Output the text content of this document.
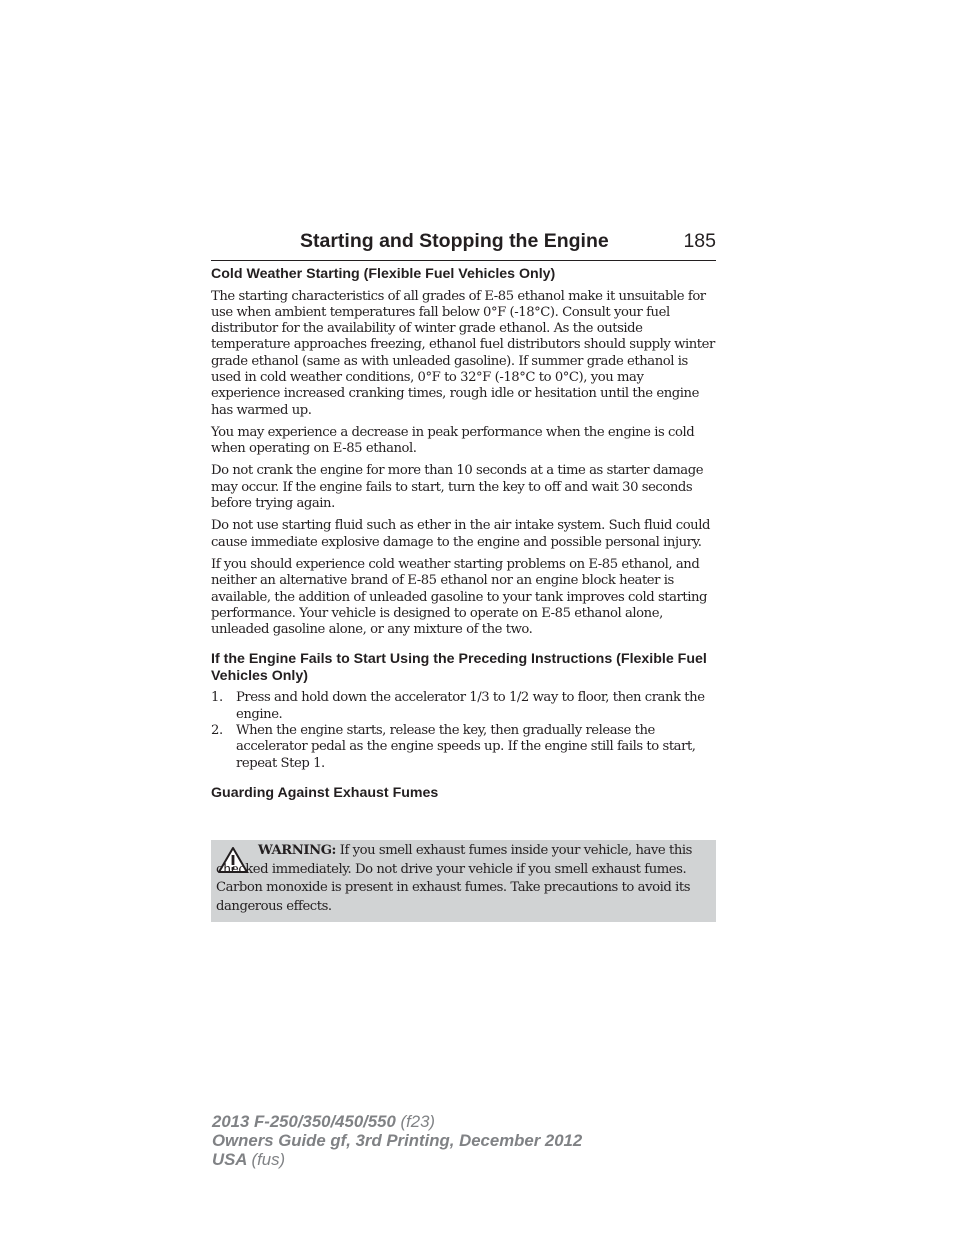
Starting and Stopping the Engine	185
Cold Weather Starting (Flexible Fuel Vehicles Only)

The starting characteristics of all grades of E-85 ethanol make it unsuitable for use when ambient temperatures fall below 0°F (-18°C). Consult your fuel distributor for the availability of winter grade ethanol. As the outside temperature approaches freezing, ethanol fuel distributors should supply winter grade ethanol (same as with unleaded gasoline). If summer grade ethanol is used in cold weather conditions, 0°F to 32°F (-18°C to 0°C), you may experience increased cranking times, rough idle or hesitation until the engine has warmed up.

You may experience a decrease in peak performance when the engine is cold when operating on E-85 ethanol.

Do not crank the engine for more than 10 seconds at a time as starter damage may occur. If the engine fails to start, turn the key to off and wait 30 seconds before trying again.

Do not use starting fluid such as ether in the air intake system. Such fluid could cause immediate explosive damage to the engine and possible personal injury.

If you should experience cold weather starting problems on E-85 ethanol, and neither an alternative brand of E-85 ethanol nor an engine block heater is available, the addition of unleaded gasoline to your tank improves cold starting performance. Your vehicle is designed to operate on E-85 ethanol alone, unleaded gasoline alone, or any mixture of the two.

If the Engine Fails to Start Using the Preceding Instructions (Flexible Fuel Vehicles Only)
1. Press and hold down the accelerator 1/3 to 1/2 way to floor, then crank the engine.
2. When the engine starts, release the key, then gradually release the accelerator pedal as the engine speeds up. If the engine still fails to start, repeat Step 1.
Guarding Against Exhaust Fumes
WARNING: If you smell exhaust fumes inside your vehicle, have this checked immediately. Do not drive your vehicle if you smell exhaust fumes. Carbon monoxide is present in exhaust fumes. Take precautions to avoid its dangerous effects.
2013 F-250/350/450/550 (f23)
Owners Guide gf, 3rd Printing, December 2012
USA (fus)
